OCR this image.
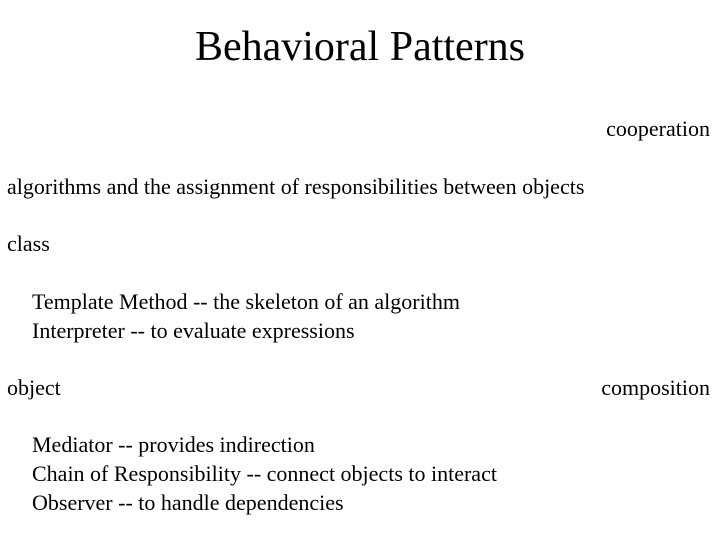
Behavioral Patterns
cooperation
algorithms and the assignment of responsibilities between objects
class
Template Method -- the skeleton of an algorithm
Interpreter -- to evaluate expressions
object	composition
Mediator -- provides indirection
Chain of Responsibility -- connect objects to interact
Observer -- to handle dependencies
